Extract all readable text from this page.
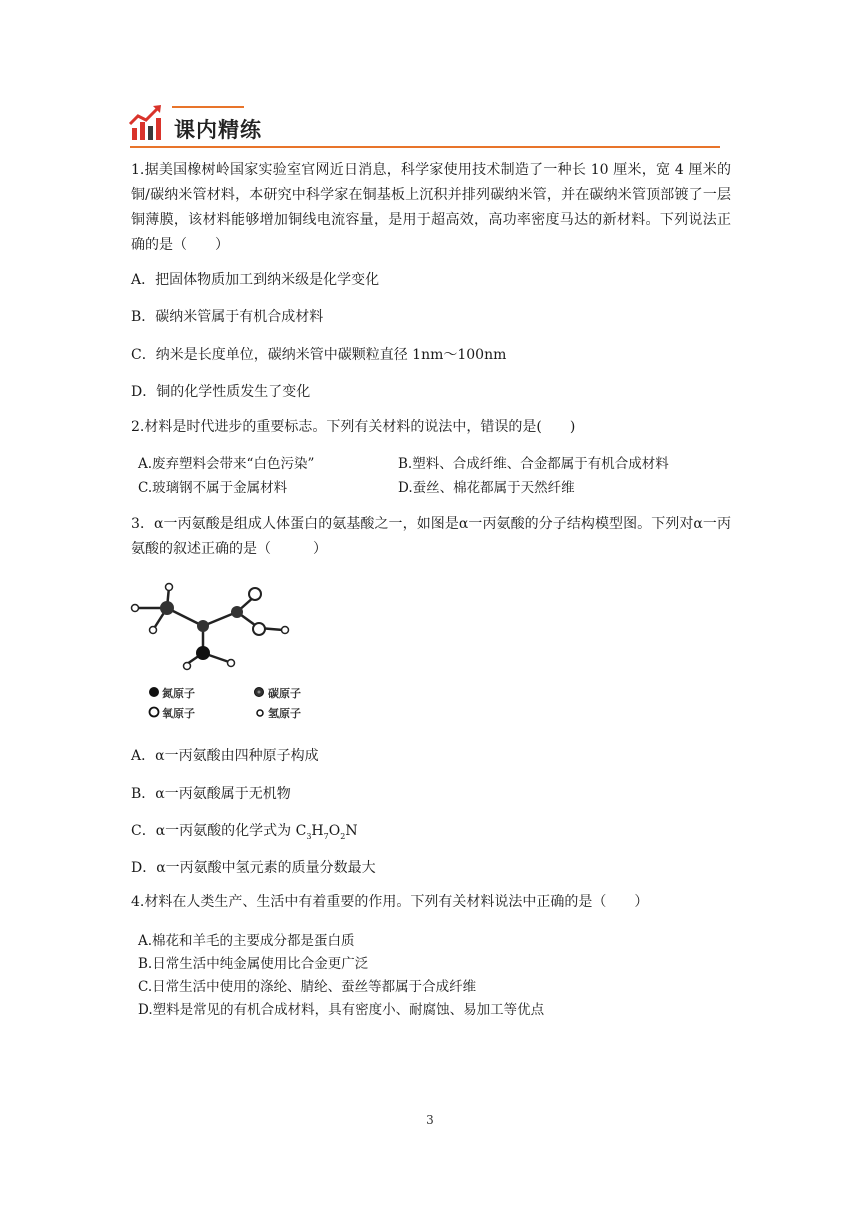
课内精练
1.据美国橡树岭国家实验室官网近日消息，科学家使用技术制造了一种长 10 厘米，宽 4 厘米的铜/碳纳米管材料，本研究中科学家在铜基板上沉积并排列碳纳米管，并在碳纳米管顶部镀了一层铜薄膜，该材料能够增加铜线电流容量，是用于超高效，高功率密度马达的新材料。下列说法正确的是（　　）
A．把固体物质加工到纳米级是化学变化
B．碳纳米管属于有机合成材料
C．纳米是长度单位，碳纳米管中碳颗粒直径 1nm～100nm
D．铜的化学性质发生了变化
2.材料是时代进步的重要标志。下列有关材料的说法中，错误的是(　　)
A.废弃塑料会带来“白色污染”	B.塑料、合成纤维、合金都属于有机合成材料
C.玻璃钢不属于金属材料	D.蚕丝、棉花都属于天然纤维
3．α一丙氨酸是组成人体蛋白的氨基酸之一，如图是α一丙氨酸的分子结构模型图。下列对α一丙氨酸的叙述正确的是（　　　）
氮原子	碳原子
氧原子	氢原子
A．α一丙氨酸由四种原子构成
B．α一丙氨酸属于无机物
C．α一丙氨酸的化学式为 $C_3H_7O_2N$
D．α一丙氨酸中氢元素的质量分数最大
4.材料在人类生产、生活中有着重要的作用。下列有关材料说法中正确的是（　　）
A.棉花和羊毛的主要成分都是蛋白质
B.日常生活中纯金属使用比合金更广泛
C.日常生活中使用的涤纶、腈纶、蚕丝等都属于合成纤维
D.塑料是常见的有机合成材料，具有密度小、耐腐蚀、易加工等优点
3
